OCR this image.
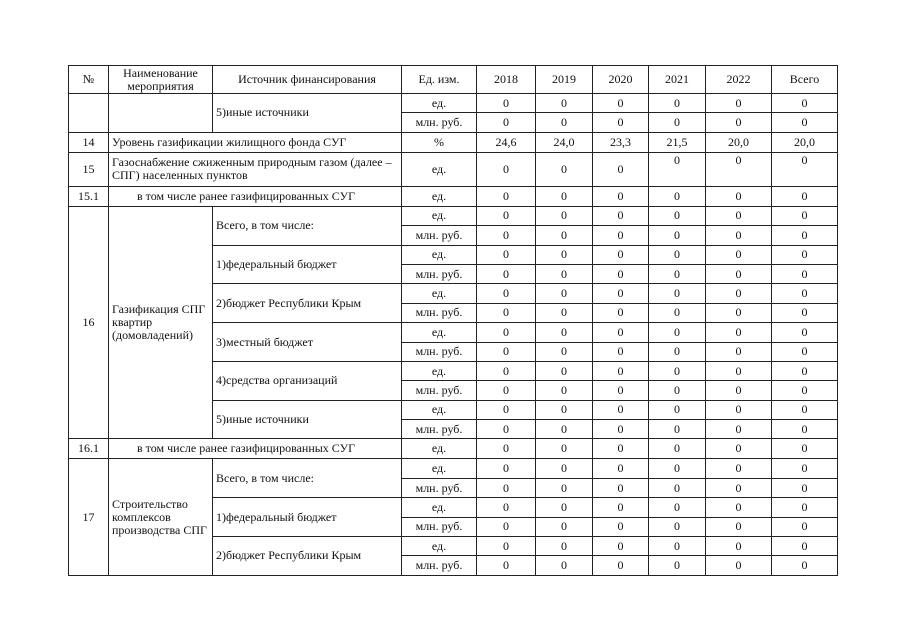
№	Наименование мероприятия	Источник финансирования	Ед. изм.	2018	2019	2020	2021	2022	Всего
		5)иные источники	ед.	0	0	0	0	0	0
			млн. руб.	0	0	0	0	0	0
14	Уровень газификации жилищного фонда СУГ		%	24,6	24,0	23,3	21,5	20,0	20,0
15	Газоснабжение сжиженным природным газом (далее – СПГ) населенных пунктов		ед.	0	0	0	0	0	0
15.1	в том числе ранее газифицированных СУГ		ед.	0	0	0	0	0	0
16	Газификация СПГ квартир (домовладений)	Всего, в том числе:	ед.	0	0	0	0	0	0
			млн. руб.	0	0	0	0	0	0
		1)федеральный бюджет	ед.	0	0	0	0	0	0
			млн. руб.	0	0	0	0	0	0
		2)бюджет Республики Крым	ед.	0	0	0	0	0	0
			млн. руб.	0	0	0	0	0	0
		3)местный бюджет	ед.	0	0	0	0	0	0
			млн. руб.	0	0	0	0	0	0
		4)средства организаций	ед.	0	0	0	0	0	0
			млн. руб.	0	0	0	0	0	0
		5)иные источники	ед.	0	0	0	0	0	0
			млн. руб.	0	0	0	0	0	0
16.1	в том числе ранее газифицированных СУГ		ед.	0	0	0	0	0	0
17	Строительство комплексов производства СПГ	Всего, в том числе:	ед.	0	0	0	0	0	0
			млн. руб.	0	0	0	0	0	0
		1)федеральный бюджет	ед.	0	0	0	0	0	0
			млн. руб.	0	0	0	0	0	0
		2)бюджет Республики Крым	ед.	0	0	0	0	0	0
			млн. руб.	0	0	0	0	0	0
